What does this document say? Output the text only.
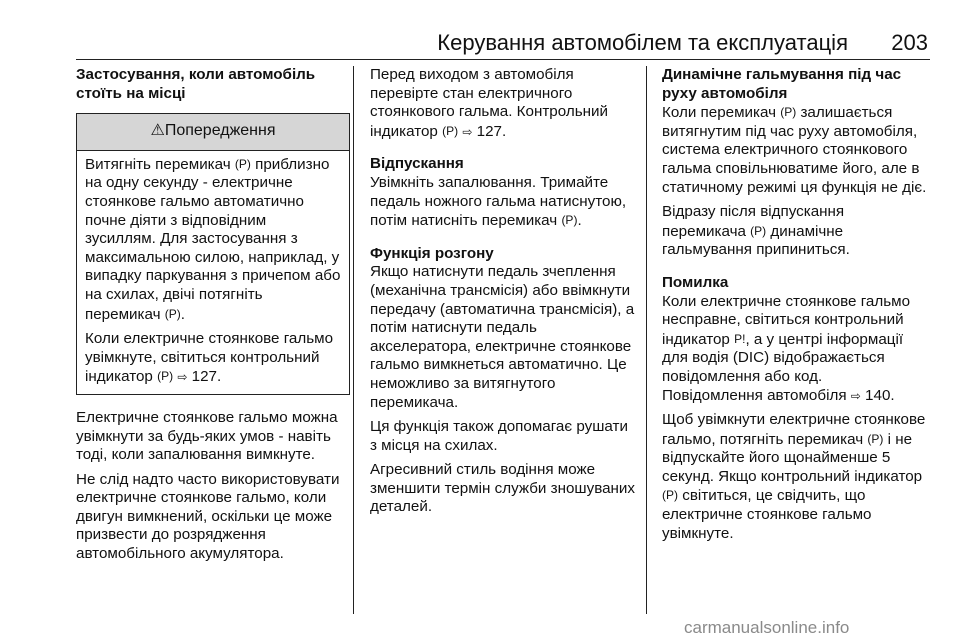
Керування автомобілем та експлуатація 203
Застосування, коли автомобіль стоїть на місці
⚠Попередження

Витягніть перемикач (P) приблизно на одну секунду - електричне стоянкове гальмо автоматично почне діяти з відповідним зусиллям. Для застосування з максимальною силою, наприклад, у випадку паркування з причепом або на схилах, двічі потягніть перемикач (P).

Коли електричне стоянкове гальмо увімкнуте, світиться контрольний індикатор (P) ⇨ 127.

Електричне стоянкове гальмо можна увімкнути за будь-яких умов - навіть тоді, коли запалювання вимкнуте.

Не слід надто часто використовувати електричне стоянкове гальмо, коли двигун вимкнений, оскільки це може призвести до розрядження автомобільного акумулятора.

Перед виходом з автомобіля перевірте стан електричного стоянкового гальма. Контрольний індикатор (P) ⇨ 127.

Відпускання

Увімкніть запалювання. Тримайте педаль ножного гальма натиснутою, потім натисніть перемикач (P).

Функція розгону

Якщо натиснути педаль зчеплення (механічна трансмісія) або ввімкнути передачу (автоматична трансмісія), а потім натиснути педаль акселератора, електричне стоянкове гальмо вимкнеться автоматично. Це неможливо за витягнутого перемикача.

Ця функція також допомагає рушати з місця на схилах.

Агресивний стиль водіння може зменшити термін служби зношуваних деталей.

Динамічне гальмування під час руху автомобіля

Коли перемикач (P) залишається витягнутим під час руху автомобіля, система електричного стоянкового гальма сповільнюватиме його, але в статичному режимі ця функція не діє.

Відразу після відпускання перемикача (P) динамічне гальмування припиниться.

Помилка

Коли електричне стоянкове гальмо несправне, світиться контрольний індикатор P!, а у центрі інформації для водія (DIC) відображається повідомлення або код.
Повідомлення автомобіля ⇨ 140.

Щоб увімкнути електричне стоянкове гальмо, потягніть перемикач (P) і не відпускайте його щонайменше 5 секунд. Якщо контрольний індикатор (P) світиться, це свідчить, що електричне стоянкове гальмо увімкнуте.

carmanualsonline.info
